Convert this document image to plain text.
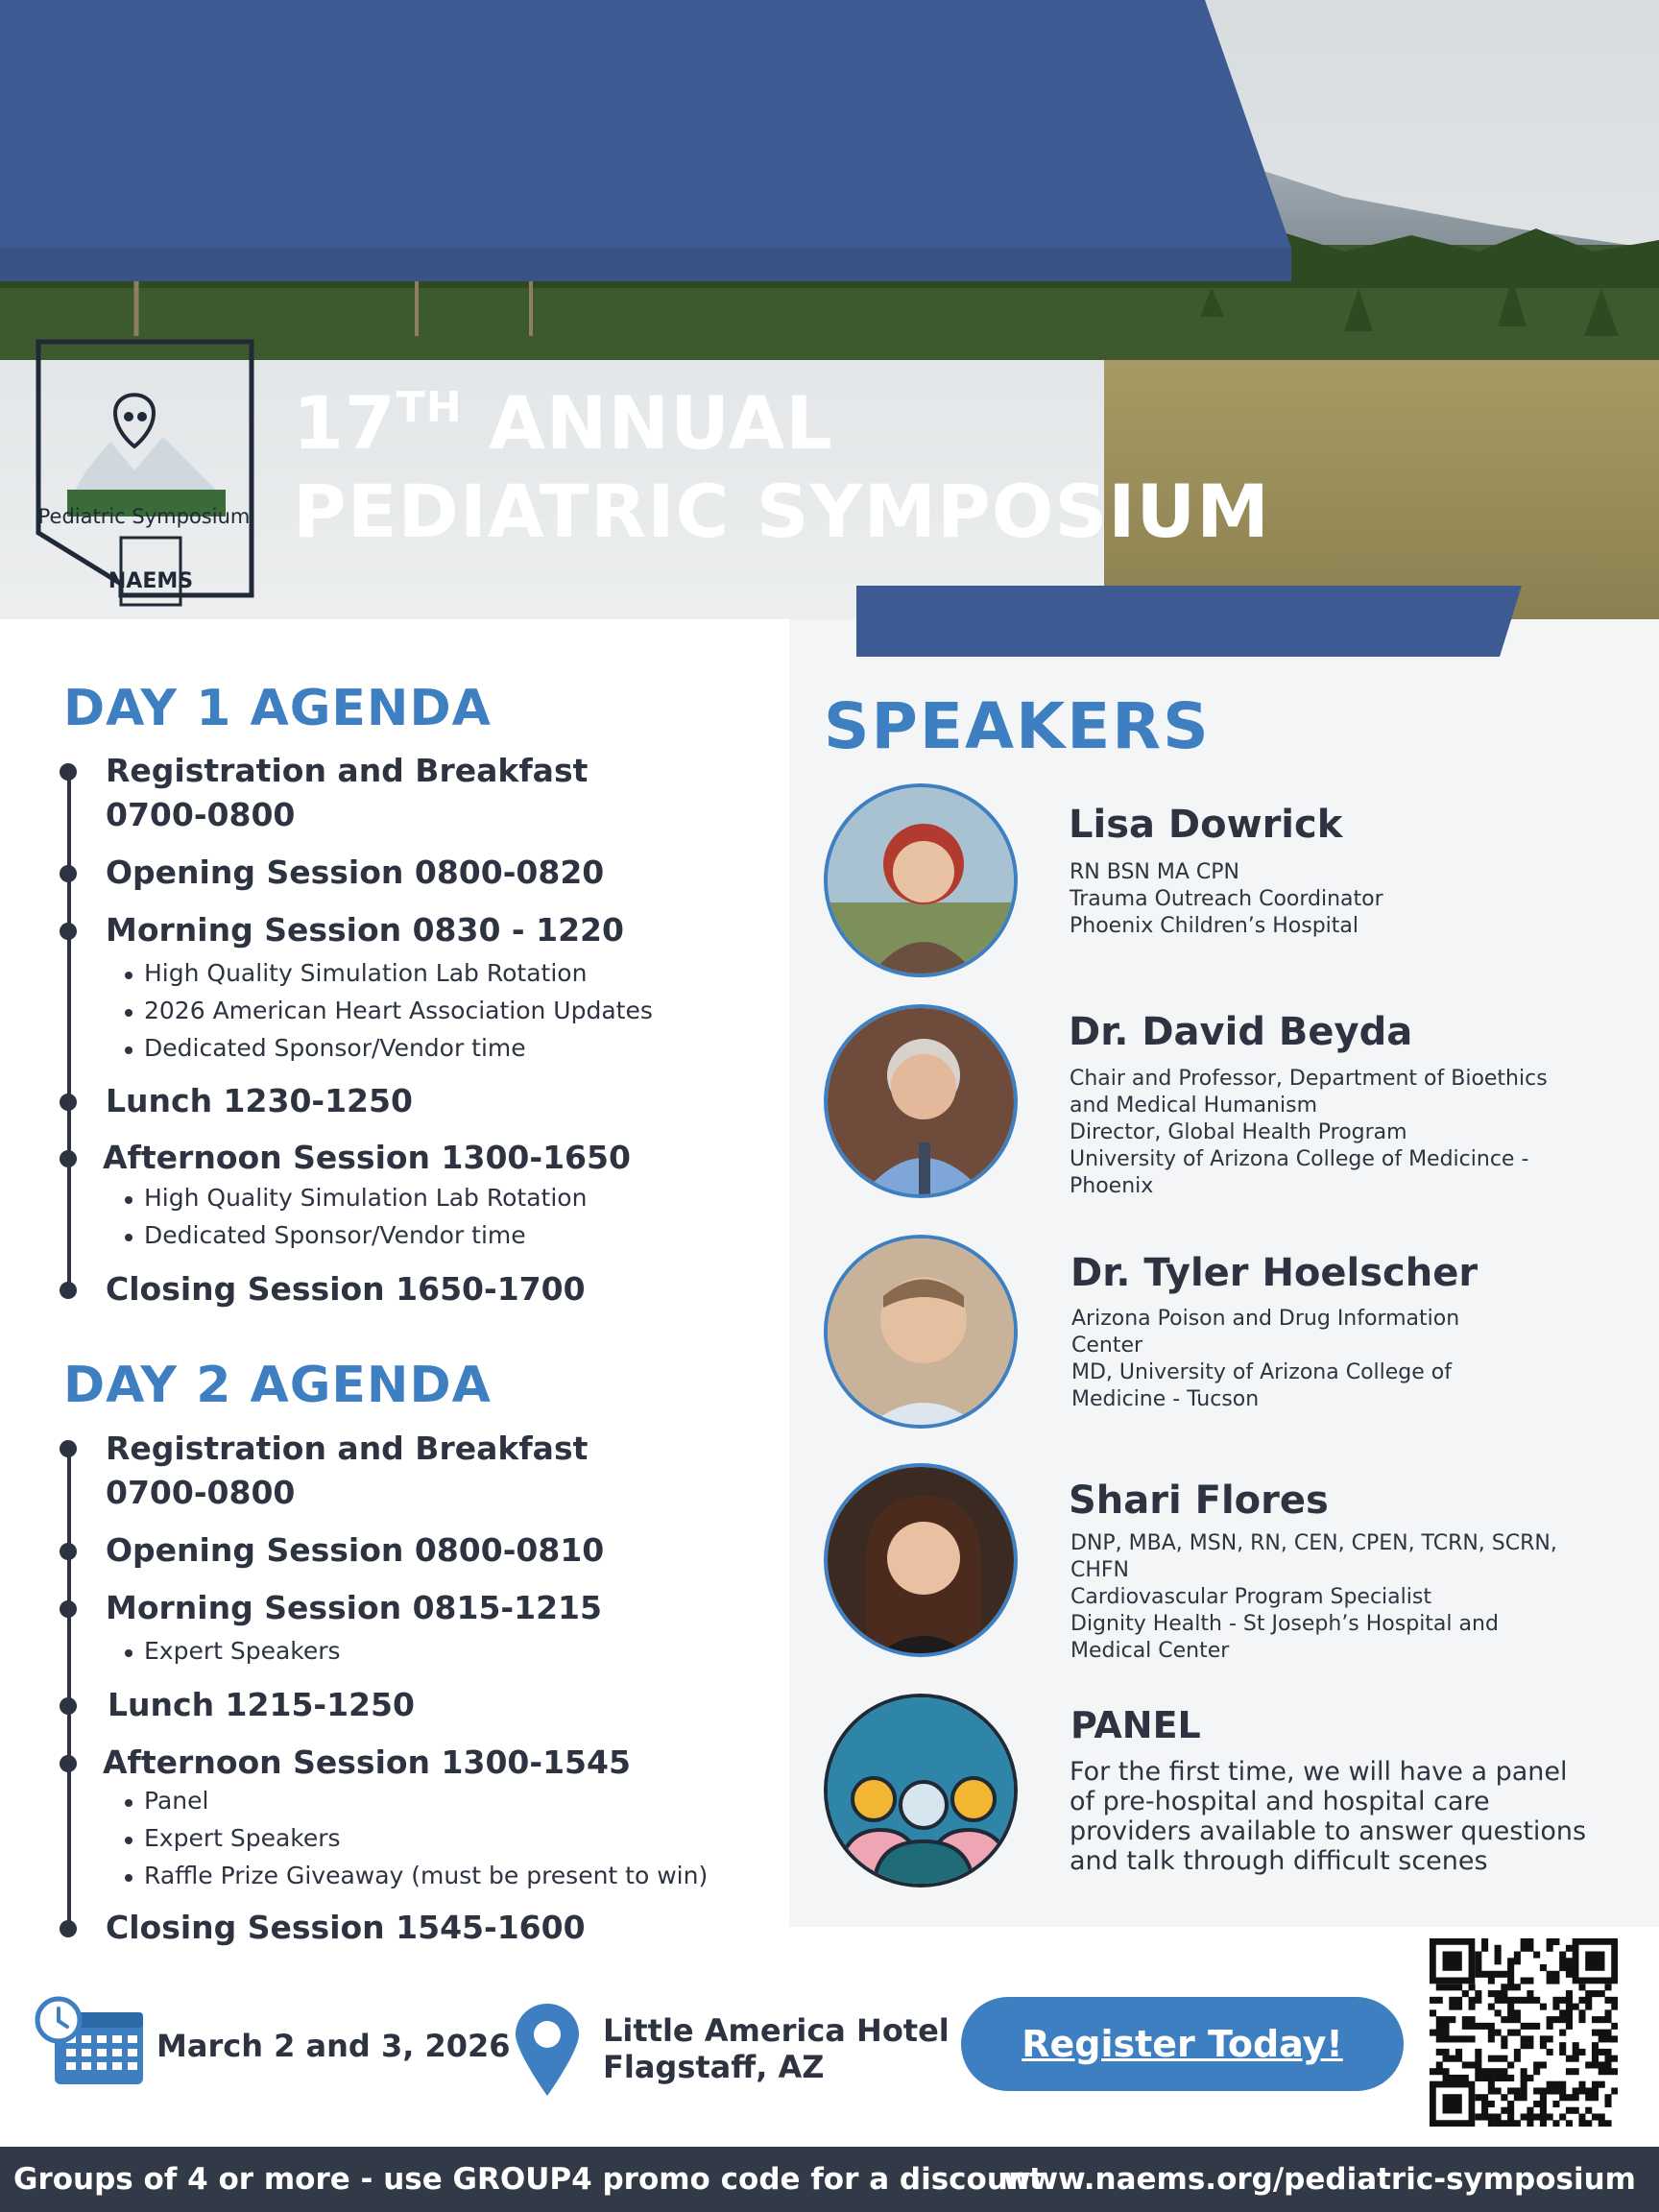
Pediatric Symposium
NAEMS
17TH ANNUAL
PEDIATRIC SYMPOSIUM
DAY 1 AGENDA
Registration and Breakfast
0700-0800
Opening Session 0800-0820
Morning Session 0830 - 1220
High Quality Simulation Lab Rotation
2026 American Heart Association Updates
Dedicated Sponsor/Vendor time
Lunch 1230-1250
Afternoon Session 1300-1650
High Quality Simulation Lab Rotation
Dedicated Sponsor/Vendor time
Closing Session 1650-1700
DAY 2 AGENDA
Registration and Breakfast
0700-0800
Opening Session 0800-0810
Morning Session 0815-1215
Expert Speakers
Lunch 1215-1250
Afternoon Session 1300-1545
Panel
Expert Speakers
Raffle Prize Giveaway (must be present to win)
Closing Session 1545-1600
SPEAKERS
Lisa Dowrick
RN BSN MA CPN
Trauma Outreach Coordinator
Phoenix Children’s Hospital
Dr. David Beyda
Chair and Professor, Department of Bioethics
and Medical Humanism
Director, Global Health Program
University of Arizona College of Medicince -
Phoenix
Dr. Tyler Hoelscher
Arizona Poison and Drug Information
Center
MD, University of Arizona College of
Medicine - Tucson
Shari Flores
DNP, MBA, MSN, RN, CEN, CPEN, TCRN, SCRN,
CHFN
Cardiovascular Program Specialist
Dignity Health - St Joseph’s Hospital and
Medical Center
PANEL
For the first time, we will have a panel of pre-hospital and hospital care providers available to answer questions and talk through difficult scenes
March 2 and 3, 2026	Little America Hotel
Flagstaff, AZ
Register Today!
Groups of 4 or more - use GROUP4 promo code for a discount
www.naems.org/pediatric-symposium
